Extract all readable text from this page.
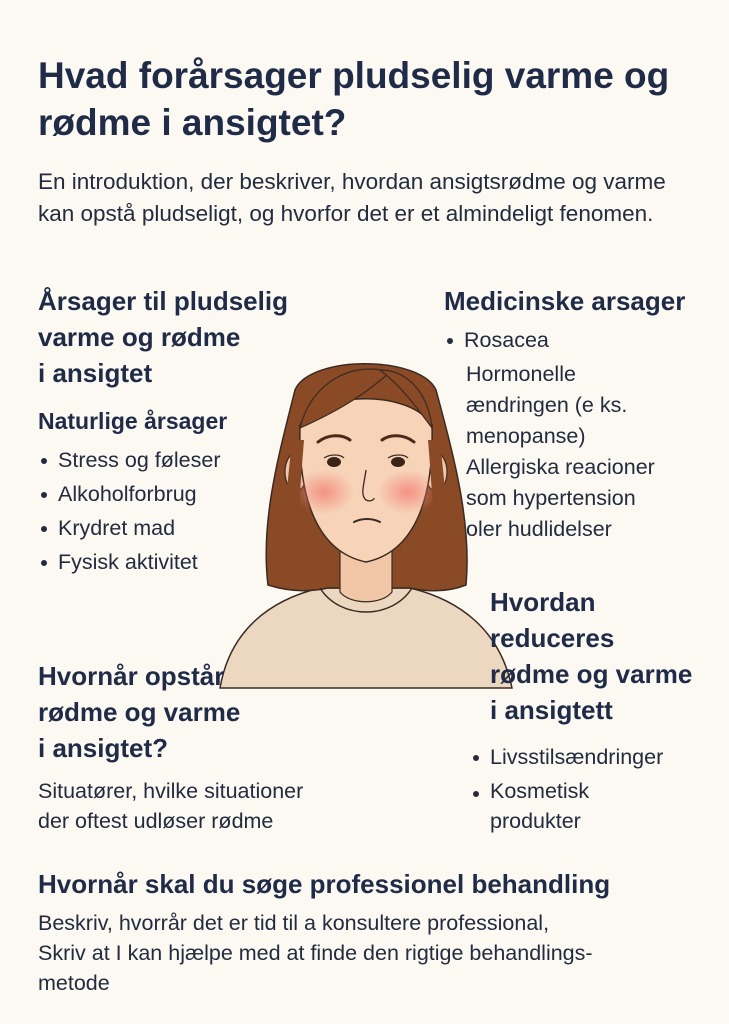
Hvad forårsager pludselig varme og rødme i ansigtet?
En introduktion, der beskriver, hvordan ansigtsrødme og varme kan opstå pludseligt, og hvorfor det er et almindeligt fenomen.
Årsager til pludselig
varme og rødme
i ansigtet
Naturlige årsager
Stress og føleser
Alkoholforbrug
Krydret mad
Fysisk aktivitet
Medicinske arsager
Rosacea
Hormonelle
ændringen (e ks.
menopanse)
Allergiska reacioner
som hypertension
oler hudlidelser
Hvornår opstår
rødme og varme
i ansigtet?
Situatører, hvilke situationer
der oftest udløser rødme
Hvordan
reduceres
rødme og varme
i ansigtett
Livsstilsændringer
Kosmetisk
produkter
Hvornår skal du søge professionel behandling
Beskriv, hvorrår det er tid til a konsultere professional,
Skriv at I kan hjælpe med at finde den rigtige behandlings-
metode
